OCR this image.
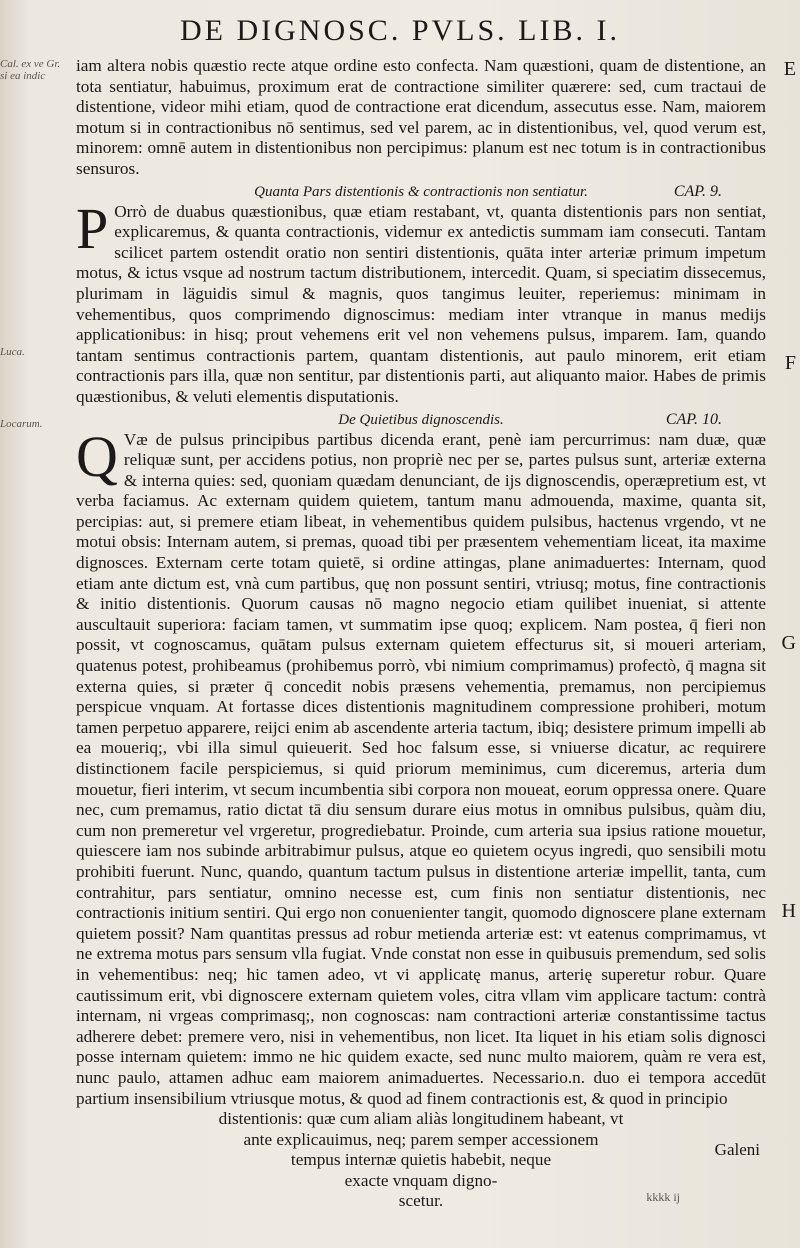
DE DIGNOSC. PVLS. LIB. I.
Cal. ex ve Gr. si ea indic
Luca.
Locarum.
E
F
G
H

iam altera nobis quæstio recte atque ordine esto confecta. Nam quæstioni, quam de distentione, an tota sentiatur, habuimus, proximum erat de contractione similiter quærere: sed, cum tractaui de distentione, videor mihi etiam, quod de contractione erat dicendum, assecutus esse. Nam, maiorem motum si in contractionibus nō sentimus, sed vel parem, ac in distentionibus, vel, quod verum est, minorem: omnē autem in distentionibus non percipimus: planum est nec totum is in contractionibus sensuros.

Quanta Pars distentionis & contractionis non sentiatur.	CAP. 9.

P Orrò de duabus quæstionibus, quæ etiam restabant, vt, quanta distentionis pars non sentiat, explicaremus, & quanta contractionis, videmur ex antedictis summam iam consecuti. Tantam scilicet partem ostendit oratio non sentiri distentionis, quāta inter arteriæ primum impetum motus, & ictus vsque ad nostrum tactum distributionem, intercedit. Quam, si speciatim dissecemus, plurimam in läguidis simul & magnis, quos tangimus leuiter, reperiemus: minimam in vehementibus, quos comprimendo dignoscimus: mediam inter vtranque in manus medijs applicationibus: in hisq; prout vehemens erit vel non vehemens pulsus, imparem. Iam, quando tantam sentimus contractionis partem, quantam distentionis, aut paulo minorem, erit etiam contractionis pars illa, quæ non sentitur, par distentionis parti, aut aliquanto maior. Habes de primis quæstionibus, & veluti elementis disputationis.

De Quietibus dignoscendis.	CAP. 10.

Q Væ de pulsus principibus partibus dicenda erant, penè iam percurrimus: nam duæ, quæ reliquæ sunt, per accidens potius, non propriè nec per se, partes pulsus sunt, arteriæ externa & interna quies: sed, quoniam quædam denunciant, de ijs dignoscendis, operæpretium est, vt verba faciamus. Ac externam quidem quietem, tantum manu admouenda, maxime, quanta sit, percipias: aut, si premere etiam libeat, in vehementibus quidem pulsibus, hactenus vrgendo, vt ne motui obsis: Internam autem, si premas, quoad tibi per præsentem vehementiam liceat, ita maxime dignosces. Externam certe totam quietē, si ordine attingas, plane animaduertes: Internam, quod etiam ante dictum est, vnà cum partibus, quę non possunt sentiri, vtriusq; motus, fine contractionis & initio distentionis. Quorum causas nō magno negocio etiam quilibet inueniat, si attente auscultauit superiora: faciam tamen, vt summatim ipse quoq; explicem. Nam postea, q̄ fieri non possit, vt cognoscamus, quātam pulsus externam quietem effecturus sit, si moueri arteriam, quatenus potest, prohibeamus (prohibemus porrò, vbi nimium comprimamus) profectò, q̄ magna sit externa quies, si præter q̄ concedit nobis præsens vehementia, premamus, non percipiemus perspicue vnquam. At fortasse dices distentionis magnitudinem compressione prohiberi, motum tamen perpetuo apparere, reijci enim ab ascendente arteria tactum, ibiq; desistere primum impelli ab ea moueriq;, vbi illa simul quieuerit. Sed hoc falsum esse, si vniuerse dicatur, ac requirere distinctionem facile perspiciemus, si quid priorum meminimus, cum diceremus, arteria dum mouetur, fieri interim, vt secum incumbentia sibi corpora non moueat, eorum oppressa onere. Quare nec, cum premamus, ratio dictat tā diu sensum durare eius motus in omnibus pulsibus, quàm diu, cum non premeretur vel vrgeretur, progrediebatur. Proinde, cum arteria sua ipsius ratione mouetur, quiescere iam nos subinde arbitrabimur pulsus, atque eo quietem ocyus ingredi, quo sensibili motu prohibiti fuerunt. Nunc, quando, quantum tactum pulsus in distentione arteriæ impellit, tanta, cum contrahitur, pars sentiatur, omnino necesse est, cum finis non sentiatur distentionis, nec contractionis initium sentiri. Qui ergo non conuenienter tangit, quomodo dignoscere plane externam quietem possit? Nam quantitas pressus ad robur metienda arteriæ est: vt eatenus comprimamus, vt ne extrema motus pars sensum vlla fugiat. Vnde constat non esse in quibusuis premendum, sed solis in vehementibus: neq; hic tamen adeo, vt vi applicatę manus, arterię superetur robur. Quare cautissimum erit, vbi dignoscere externam quietem voles, citra vllam vim applicare tactum: contrà internam, ni vrgeas comprimasq;, non cognoscas: nam contractioni arteriæ constantissime tactus adherere debet: premere vero, nisi in vehementibus, non licet. Ita liquet in his etiam solis dignosci posse internam quietem: immo ne hic quidem exacte, sed nunc multo maiorem, quàm re vera est, nunc paulo, attamen adhuc eam maiorem animaduertes. Necessario.n. duo ei tempora accedūt partium insensibilium vtriusque motus, & quod ad finem contractionis est, & quod in principio

distentionis: quæ cum aliam aliàs longitudinem habeant, vt

ante explicauimus, neq; parem semper accessionem

tempus internæ quietis habebit, neque

exacte vnquam digno-

scetur.

Galeni
kkkk ij
